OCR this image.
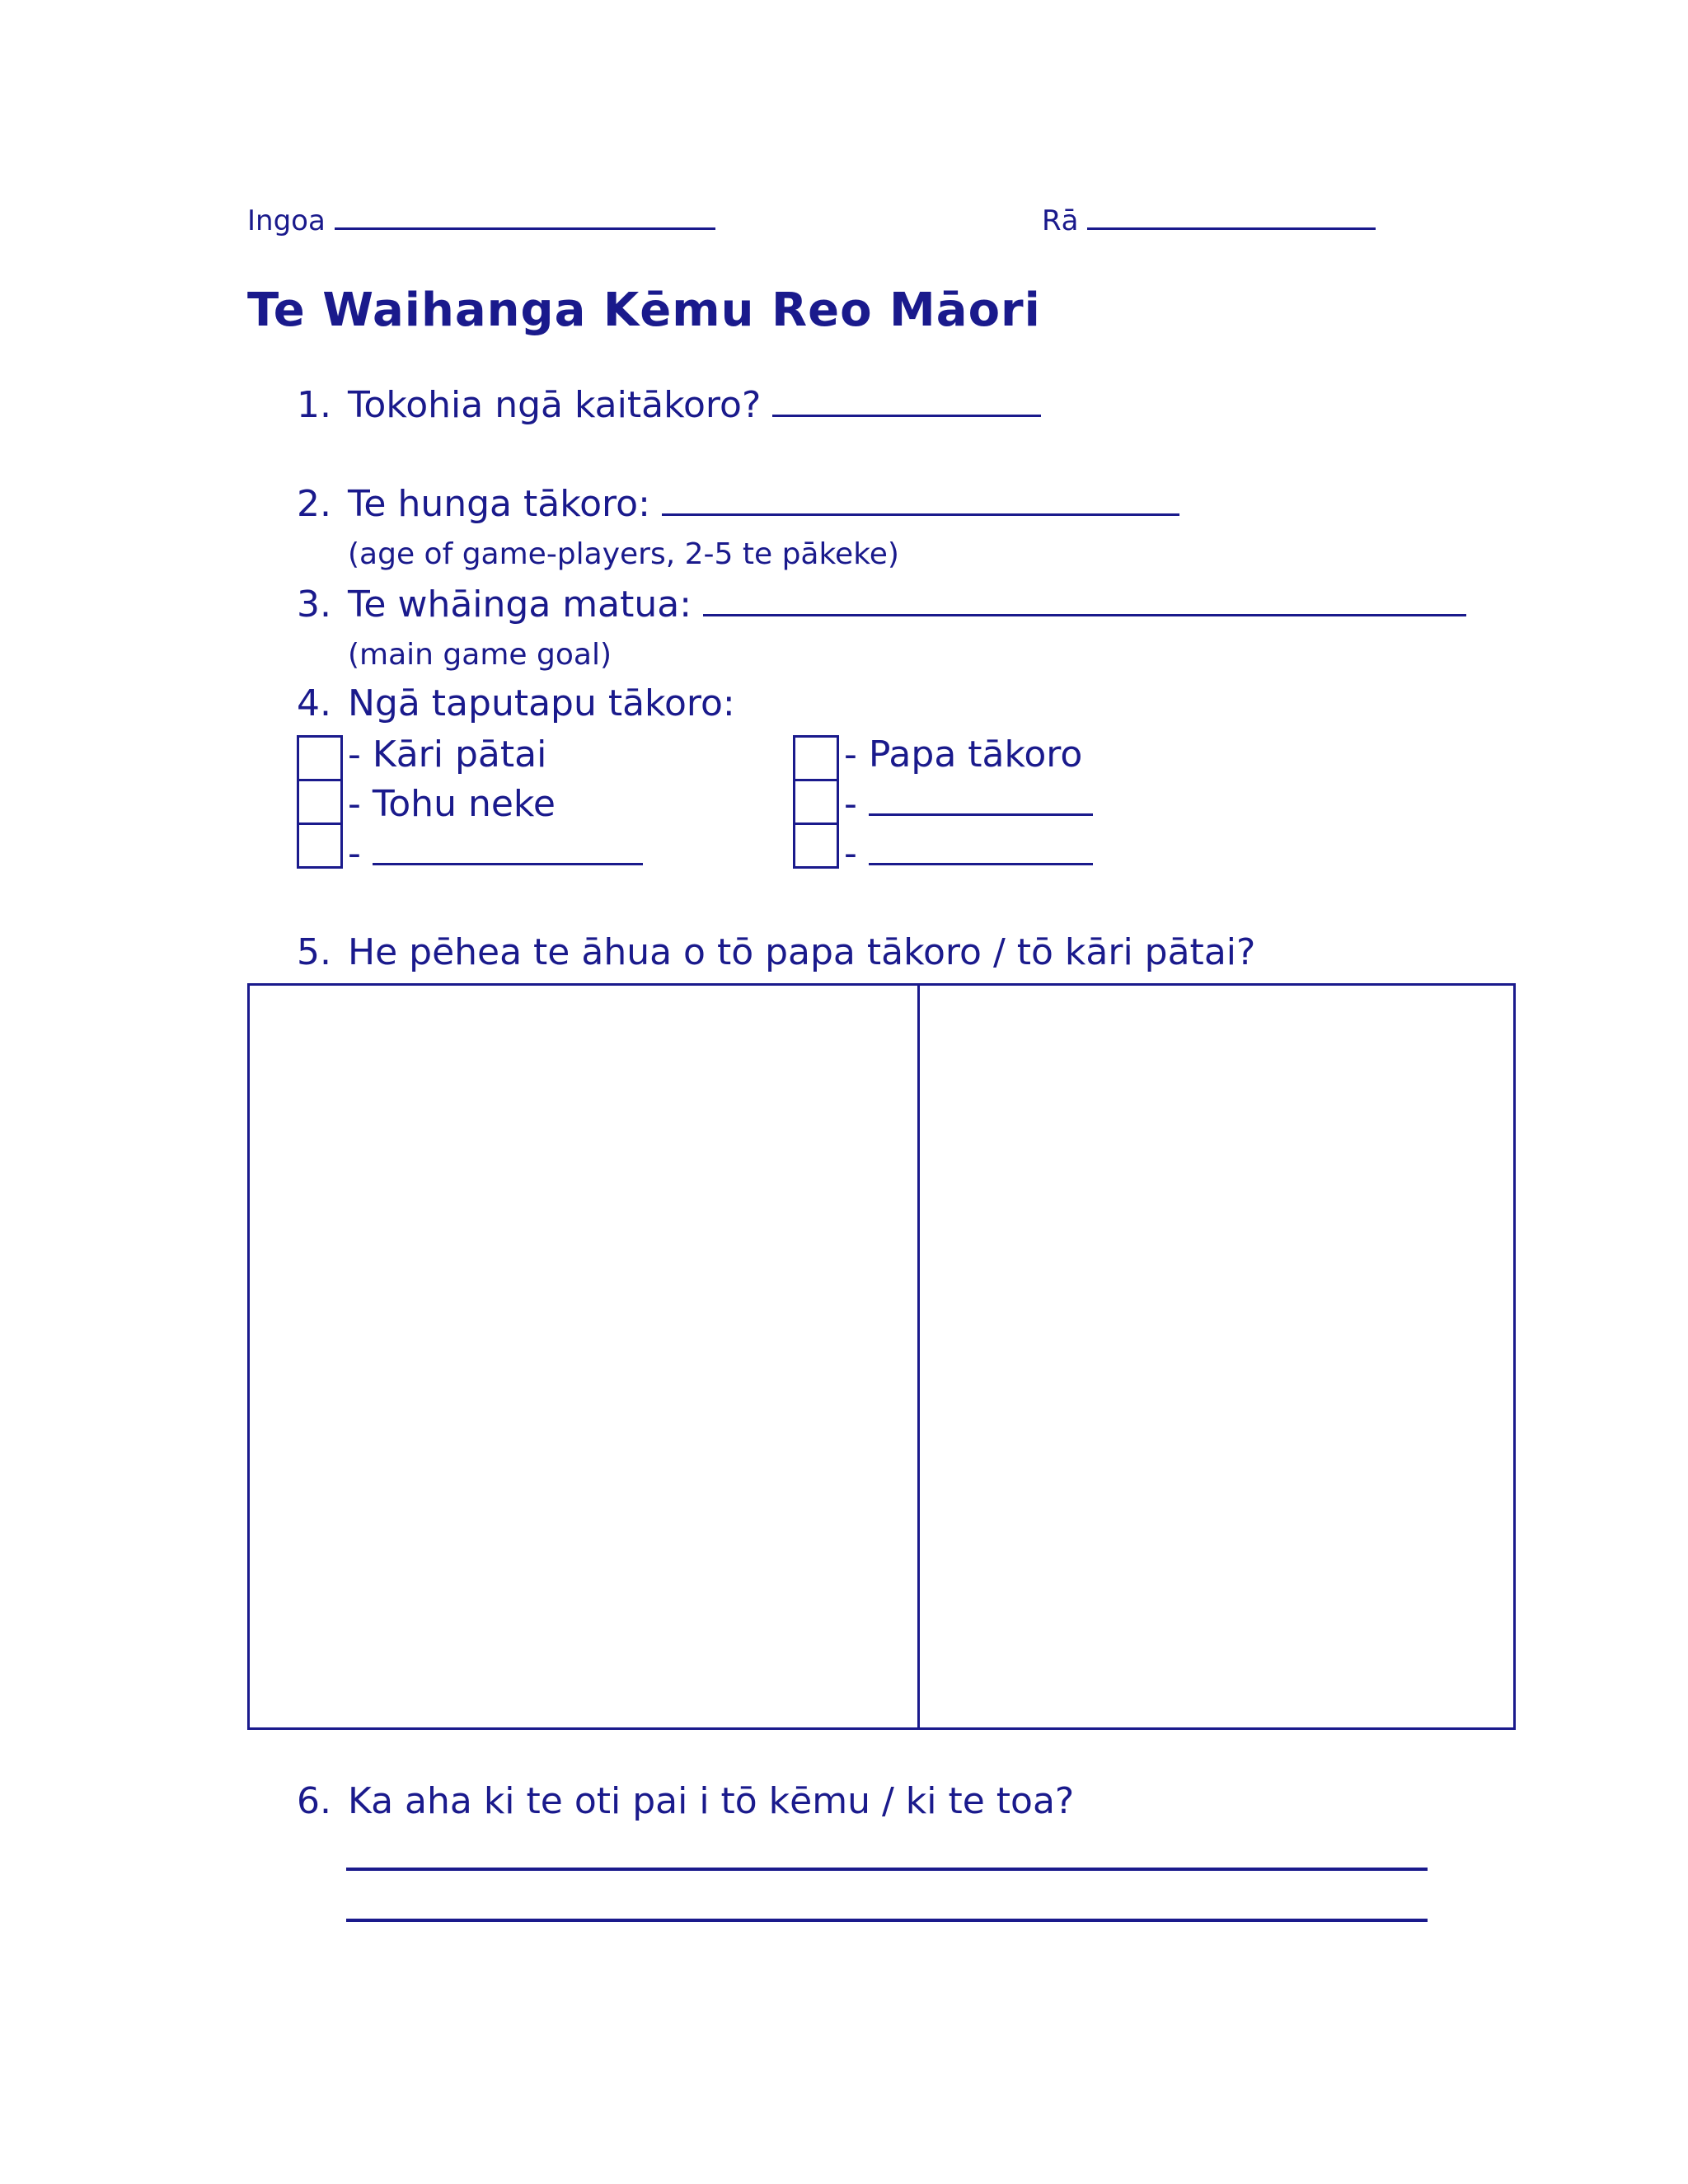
Ingoa	Rā
Te Waihanga Kēmu Reo Māori
1. Tokohia ngā kaitākoro?
2. Te hunga tākoro:
(age of game-players, 2-5 te pākeke)
3. Te whāinga matua:
(main game goal)
4. Ngā taputapu tākoro:
- Kāri pātai
- Tohu neke
-
- Papa tākoro
-
-
5. He pēhea te āhua o tō papa tākoro / tō kāri pātai?
6. Ka aha ki te oti pai i tō kēmu / ki te toa?
